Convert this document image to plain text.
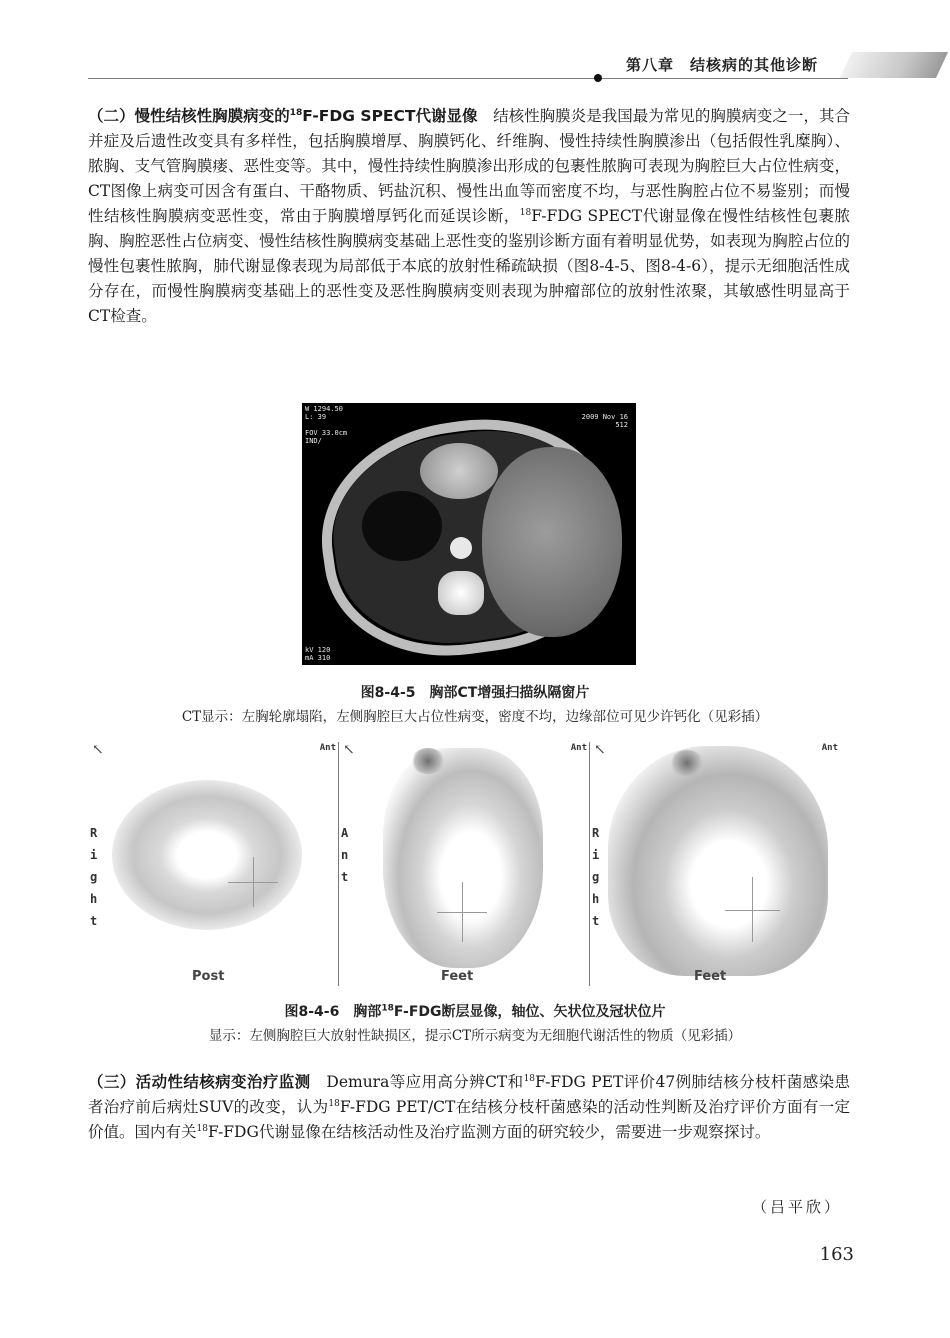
第八章　结核病的其他诊断
（二）慢性结核性胸膜病变的$^{18}$F-FDG SPECT代谢显像　结核性胸膜炎是我国最为常见的胸膜病变之一，其合并症及后遗性改变具有多样性，包括胸膜增厚、胸膜钙化、纤维胸、慢性持续性胸膜渗出（包括假性乳糜胸）、脓胸、支气管胸膜瘘、恶性变等。其中，慢性持续性胸膜渗出形成的包裹性脓胸可表现为胸腔巨大占位性病变，CT图像上病变可因含有蛋白、干酪物质、钙盐沉积、慢性出血等而密度不均，与恶性胸腔占位不易鉴别；而慢性结核性胸膜病变恶性变，常由于胸膜增厚钙化而延误诊断，$^{18}$F-FDG SPECT代谢显像在慢性结核性包裹脓胸、胸腔恶性占位病变、慢性结核性胸膜病变基础上恶性变的鉴别诊断方面有着明显优势，如表现为胸腔占位的慢性包裹性脓胸，肺代谢显像表现为局部低于本底的放射性稀疏缺损（图8-4-5、图8-4-6），提示无细胞活性成分存在，而慢性胸膜病变基础上的恶性变及恶性胸膜病变则表现为肿瘤部位的放射性浓聚，其敏感性明显高于CT检查。
W 1294.50
L: 39

FOV 33.0cm
IND/
2009 Nov 16
512
kV 120
mA 310
图8-4-5　胸部CT增强扫描纵隔窗片
CT显示：左胸轮廓塌陷，左侧胸腔巨大占位性病变，密度不均，边缘部位可见少许钙化（见彩插）
↖	Ant
Right
Post
↖	Ant
Ant
Feet
↖	Ant
Right
Feet
图8-4-6　胸部$^{18}$F-FDG断层显像，轴位、矢状位及冠状位片
显示：左侧胸腔巨大放射性缺损区，提示CT所示病变为无细胞代谢活性的物质（见彩插）
（三）活动性结核病变治疗监测　Demura等应用高分辨CT和$^{18}$F-FDG PET评价47例肺结核分枝杆菌感染患者治疗前后病灶SUV的改变，认为$^{18}$F-FDG PET/CT在结核分枝杆菌感染的活动性判断及治疗评价方面有一定价值。国内有关$^{18}$F-FDG代谢显像在结核活动性及治疗监测方面的研究较少，需要进一步观察探讨。
（吕平欣）
163
